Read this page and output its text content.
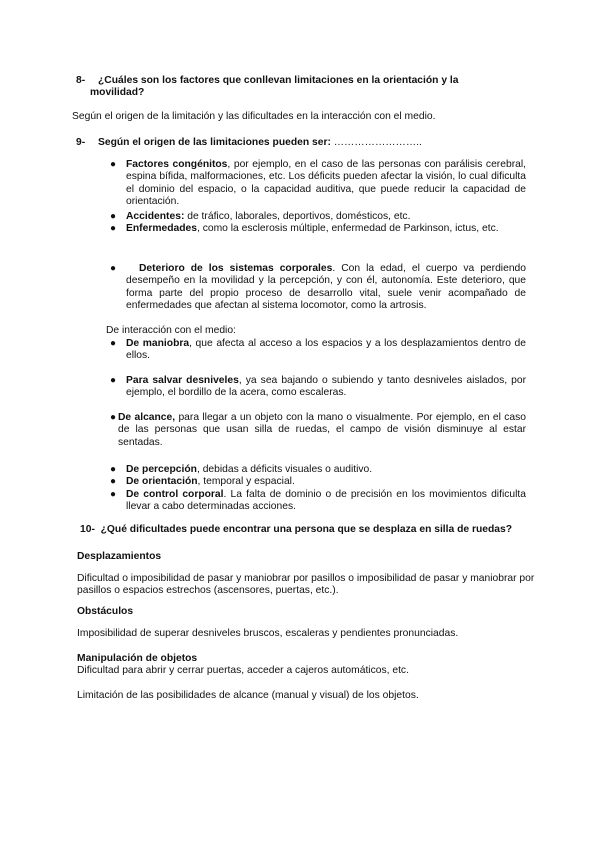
8-	¿Cuáles son los factores que conllevan limitaciones en la orientación y la movilidad?
Según el origen de la limitación y las dificultades en la interacción con el medio.
9- Según el origen de las limitaciones pueden ser: ……………………..
● Factores congénitos, por ejemplo, en el caso de las personas con parálisis cerebral, espina bífida, malformaciones, etc. Los déficits pueden afectar la visión, lo cual dificulta el dominio del espacio, o la capacidad auditiva, que puede reducir la capacidad de orientación.
● Accidentes: de tráfico, laborales, deportivos, domésticos, etc.
● Enfermedades, como la esclerosis múltiple, enfermedad de Parkinson, ictus, etc.
●	Deterioro de los sistemas corporales. Con la edad, el cuerpo va perdiendo desempeño en la movilidad y la percepción, y con él, autonomía. Este deterioro, que forma parte del propio proceso de desarrollo vital, suele venir acompañado de enfermedades que afectan al sistema locomotor, como la artrosis.
De interacción con el medio:
● De maniobra, que afecta al acceso a los espacios y a los desplazamientos dentro de ellos.
● Para salvar desniveles, ya sea bajando o subiendo y tanto desniveles aislados, por ejemplo, el bordillo de la acera, como escaleras.
● De alcance, para llegar a un objeto con la mano o visualmente. Por ejemplo, en el caso de las personas que usan silla de ruedas, el campo de visión disminuye al estar sentadas.
● De percepción, debidas a déficits visuales o auditivo.
● De orientación, temporal y espacial.
● De control corporal. La falta de dominio o de precisión en los movimientos dificulta llevar a cabo determinadas acciones.
10- ¿Qué dificultades puede encontrar una persona que se desplaza en silla de ruedas?
Desplazamientos
Dificultad o imposibilidad de pasar y maniobrar por pasillos o imposibilidad de pasar y maniobrar por pasillos o espacios estrechos (ascensores, puertas, etc.).
Obstáculos
Imposibilidad de superar desniveles bruscos, escaleras y pendientes pronunciadas.
Manipulación de objetos
Dificultad para abrir y cerrar puertas, acceder a cajeros automáticos, etc.
Limitación de las posibilidades de alcance (manual y visual) de los objetos.
